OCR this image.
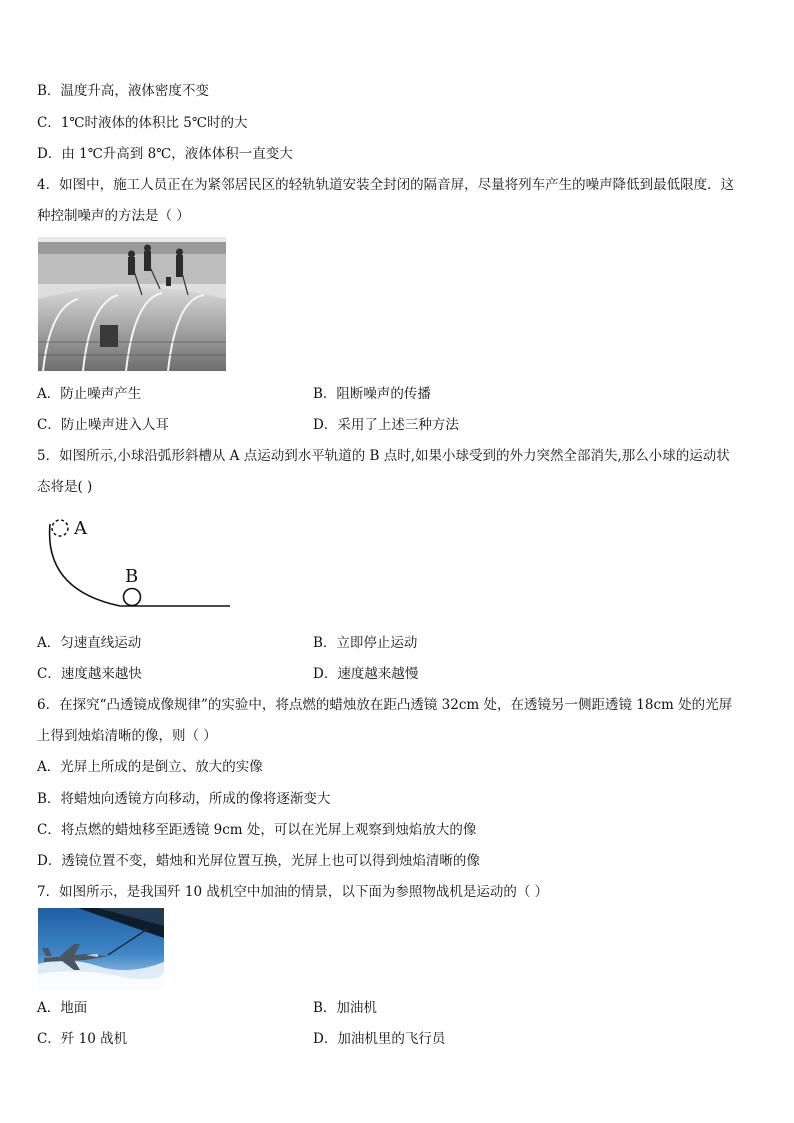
B．温度升高，液体密度不变
C．1℃时液体的体积比 5℃时的大
D．由 1℃升高到 8℃，液体体积一直变大
4．如图中，施工人员正在为紧邻居民区的轻轨轨道安装全封闭的隔音屏，尽量将列车产生的噪声降低到最低限度．这
种控制噪声的方法是（ ）
A．防止噪声产生	B．阻断噪声的传播
C．防止噪声进入人耳	D．采用了上述三种方法
5．如图所示,小球沿弧形斜槽从 A 点运动到水平轨道的 B 点时,如果小球受到的外力突然全部消失,那么小球的运动状
态将是( )
A
B
A．匀速直线运动	B．立即停止运动
C．速度越来越快	D．速度越来越慢
6．在探究“凸透镜成像规律”的实验中，将点燃的蜡烛放在距凸透镜 32cm 处，在透镜另一侧距透镜 18cm 处的光屏
上得到烛焰清晰的像，则（ ）
A．光屏上所成的是倒立、放大的实像
B．将蜡烛向透镜方向移动，所成的像将逐渐变大
C．将点燃的蜡烛移至距透镜 9cm 处，可以在光屏上观察到烛焰放大的像
D．透镜位置不变，蜡烛和光屏位置互换，光屏上也可以得到烛焰清晰的像
7．如图所示，是我国歼 10 战机空中加油的情景，以下面为参照物战机是运动的（ ）
A．地面	B．加油机
C．歼 10 战机	D．加油机里的飞行员
